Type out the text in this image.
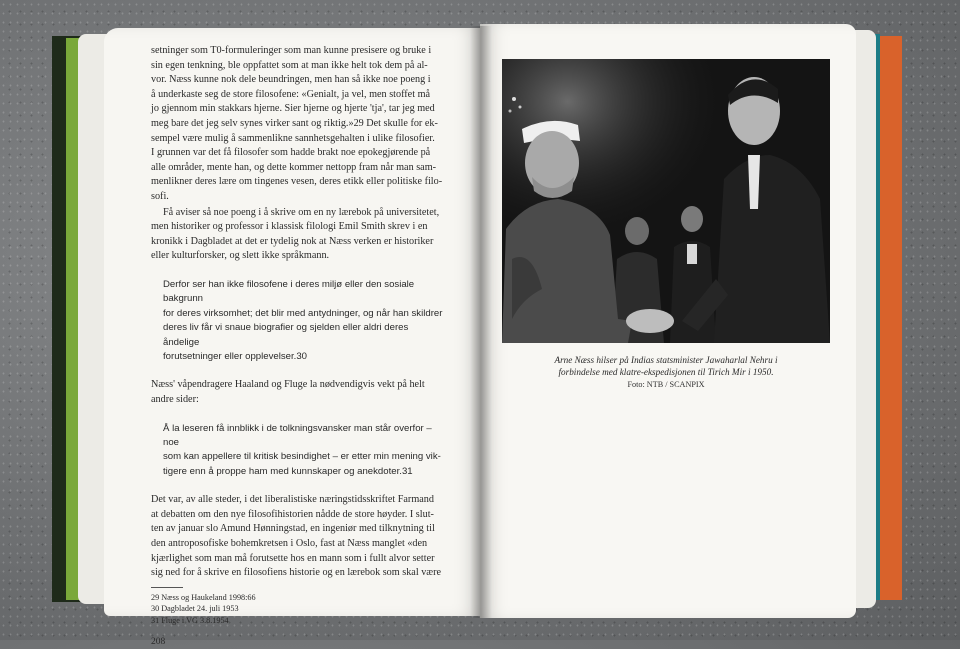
setninger som T0-formuleringer som man kunne presisere og bruke i

sin egen tenkning, ble oppfattet som at man ikke helt tok dem på al-

vor. Næss kunne nok dele beundringen, men han så ikke noe poeng i

å underkaste seg de store filosofene: «Genialt, ja vel, men stoffet må

jo gjennom min stakkars hjerne. Sier hjerne og hjerte 'tja', tar jeg med

meg bare det jeg selv synes virker sant og riktig.»29 Det skulle for ek-

sempel være mulig å sammenlikne sannhetsgehalten i ulike filosofier.

I grunnen var det få filosofer som hadde brakt noe epokegjørende på

alle områder, mente han, og dette kommer nettopp fram når man sam-

menlikner deres lære om tingenes vesen, deres etikk eller politiske filo-

sofi.

Få aviser så noe poeng i å skrive om en ny lærebok på universitetet,

men historiker og professor i klassisk filologi Emil Smith skrev i en

kronikk i Dagbladet at det er tydelig nok at Næss verken er historiker

eller kulturforsker, og slett ikke språkmann.

Derfor ser han ikke filosofene i deres miljø eller den sosiale bakgrunn

for deres virksomhet; det blir med antydninger, og når han skildrer

deres liv får vi snaue biografier og sjelden eller aldri deres åndelige

forutsetninger eller opplevelser.30

Næss' våpendragere Haaland og Fluge la nødvendigvis vekt på helt

andre sider:

Å la leseren få innblikk i de tolkningsvansker man står overfor – noe

som kan appellere til kritisk besindighet – er etter min mening vik-

tigere enn å proppe ham med kunnskaper og anekdoter.31

Det var, av alle steder, i det liberalistiske næringstidsskriftet Farmand

at debatten om den nye filosofihistorien nådde de store høyder. I slut-

ten av januar slo Amund Hønningstad, en ingeniør med tilknytning til

den antroposofiske bohemkretsen i Oslo, fast at Næss manglet «den

kjærlighet som man må forutsette hos en mann som i fullt alvor setter

sig ned for å skrive en filosofiens historie og en lærebok som skal være

29 Næss og Haukeland 1998:66

30 Dagbladet 24. juli 1953

31 Fluge i VG 3.8.1954

208

Arne Næss hilser på Indias statsminister Jawaharlal Nehru i
forbindelse med klatre-ekspedisjonen til Tirich Mir i 1950.
Foto: NTB / SCANPIX
